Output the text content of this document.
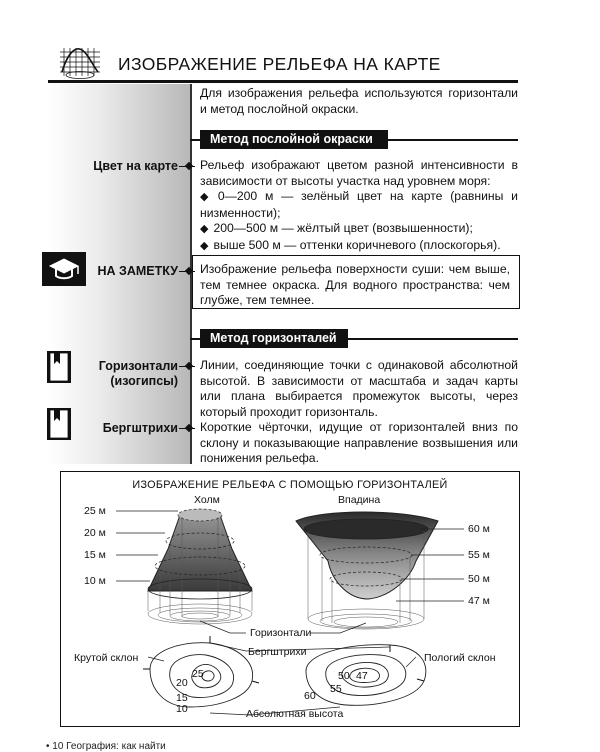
ИЗОБРАЖЕНИЕ РЕЛЬЕФА НА КАРТЕ
Для изображения рельефа используются горизонтали и метод послойной окраски.
Метод послойной окраски
Цвет на карте Рельеф изображают цветом разной интенсивности в зависимости от высоты участка над уровнем моря:
◆ 0—200 м — зелёный цвет на карте (равнины и низменности);
◆ 200—500 м — жёлтый цвет (возвышенности);
◆ выше 500 м — оттенки коричневого (плоскогорья).
НА ЗАМЕТКУ Изображение рельефа поверхности суши: чем выше, тем темнее окраска. Для водного пространства: чем глубже, тем темнее.
Метод горизонталей
Горизонтали
(изогипсы)
Линии, соединяющие точки с одинаковой абсолютной высотой. В зависимости от масштаба и задач карты или плана выбирается промежуток высоты, через который проходит горизонталь.
Бергштрихи Короткие чёрточки, идущие от горизонталей вниз по склону и показывающие направление возвышения или понижения рельефа.
ИЗОБРАЖЕНИЕ РЕЛЬЕФА С ПОМОЩЬЮ ГОРИЗОНТАЛЕЙ
Холм	Впадина
25 м
20 м
15 м
10 м
60 м
55 м
50 м
47 м
Горизонтали
Крутой склон	Бергштрихи	Пологий склон
Абсолютная высота
25
20
15
10
50 47
55
60
• 10 География: как найти
